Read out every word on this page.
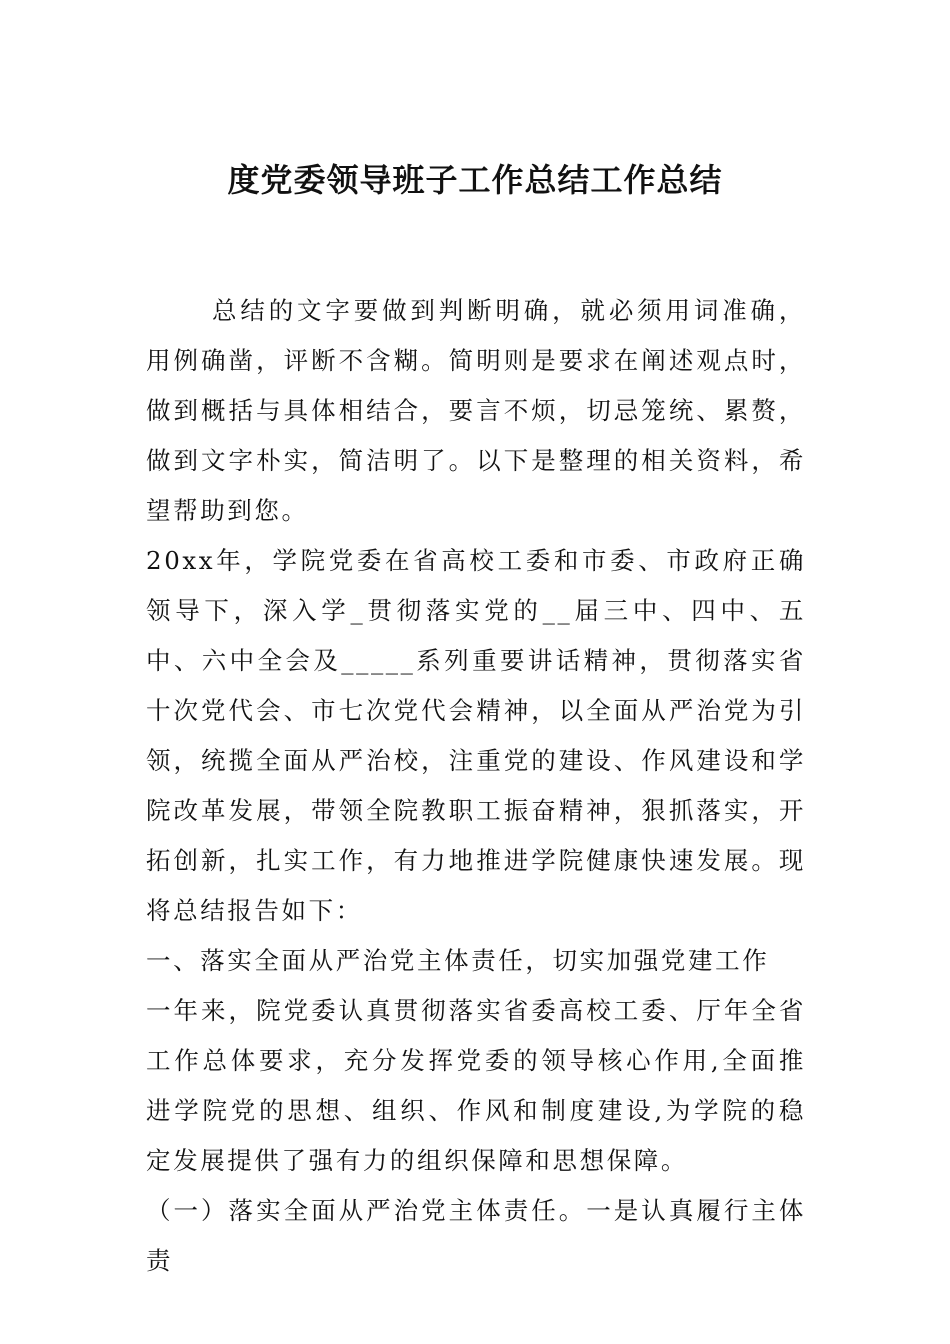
度党委领导班子工作总结工作总结
总结的文字要做到判断明确，就必须用词准确，用例确凿，评断不含糊。简明则是要求在阐述观点时，做到概括与具体相结合，要言不烦，切忌笼统、累赘，做到文字朴实，简洁明了。以下是整理的相关资料，希望帮助到您。

20xx年，学院党委在省高校工委和市委、市政府正确领导下，深入学_贯彻落实党的__届三中、四中、五中、六中全会及_____系列重要讲话精神，贯彻落实省十次党代会、市七次党代会精神，以全面从严治党为引领，统揽全面从严治校，注重党的建设、作风建设和学院改革发展，带领全院教职工振奋精神，狠抓落实，开拓创新，扎实工作，有力地推进学院健康快速发展。现将总结报告如下：

一、落实全面从严治党主体责任，切实加强党建工作

一年来，院党委认真贯彻落实省委高校工委、厅年全省工作总体要求，充分发挥党委的领导核心作用,全面推进学院党的思想、组织、作风和制度建设,为学院的稳定发展提供了强有力的组织保障和思想保障。

（一）落实全面从严治党主体责任。一是认真履行主体责
